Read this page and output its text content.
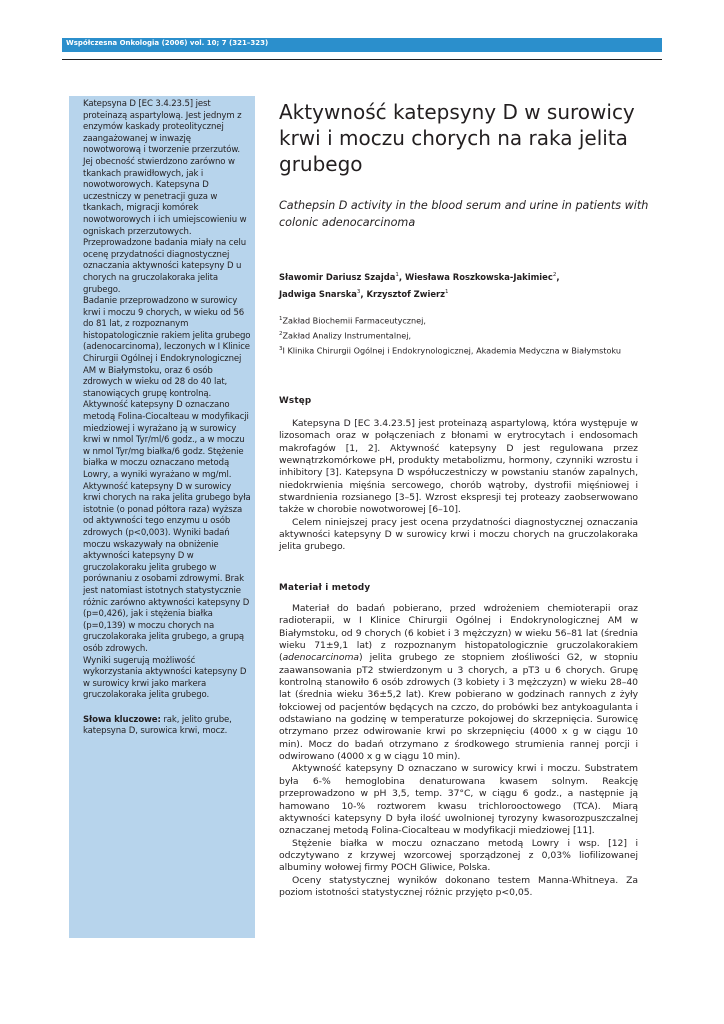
Współczesna Onkologia (2006) vol. 10; 7 (321–323)

Katepsyna D [EC 3.4.23.5] jest proteinazą aspartylową. Jest jednym z enzymów kaskady proteolitycznej zaangażowanej w inwazję nowotworową i tworzenie przerzutów. Jej obecność stwierdzono zarówno w tkankach prawidłowych, jak i nowotworowych. Katepsyna D uczestniczy w penetracji guza w tkankach, migracji komórek nowotworowych i ich umiejscowieniu w ogniskach przerzutowych.

Przeprowadzone badania miały na celu ocenę przydatności diagnostycznej oznaczania aktywności katepsyny D u chorych na gruczolakoraka jelita grubego.

Badanie przeprowadzono w surowicy krwi i moczu 9 chorych, w wieku od 56 do 81 lat, z rozpoznanym histopatologicznie rakiem jelita grubego (adenocarcinoma), leczonych w I Klinice Chirurgii Ogólnej i Endokrynologicznej AM w Białymstoku, oraz 6 osób zdrowych w wieku od 28 do 40 lat, stanowiących grupę kontrolną.

Aktywność katepsyny D oznaczano metodą Folina-Ciocalteau w modyfikacji miedziowej i wyrażano ją w surowicy krwi w nmol Tyr/ml/6 godz., a w moczu w nmol Tyr/mg białka/6 godz. Stężenie białka w moczu oznaczano metodą Lowry, a wyniki wyrażano w mg/ml.

Aktywność katepsyny D w surowicy krwi chorych na raka jelita grubego była istotnie (o ponad półtora raza) wyższa od aktywności tego enzymu u osób zdrowych (p<0,003). Wyniki badań moczu wskazywały na obniżenie aktywności katepsyny D w gruczolakoraku jelita grubego w porównaniu z osobami zdrowymi. Brak jest natomiast istotnych statystycznie różnic zarówno aktywności katepsyny D (p=0,426), jak i stężenia białka (p=0,139) w moczu chorych na gruczolakoraka jelita grubego, a grupą osób zdrowych.

Wyniki sugerują możliwość wykorzystania aktywności katepsyny D w surowicy krwi jako markera gruczolakoraka jelita grubego.

Słowa kluczowe: rak, jelito grube, katepsyna D, surowica krwi, mocz.

Aktywność katepsyny D w surowicy krwi i moczu chorych na raka jelita grubego

Cathepsin D activity in the blood serum and urine in patients with colonic adenocarcinoma

Sławomir Dariusz Szajda$^1$, Wiesława Roszkowska-Jakimiec$^2$,
Jadwiga Snarska$^3$, Krzysztof Zwierz$^1$
$^1$Zakład Biochemii Farmaceutycznej,
$^2$Zakład Analizy Instrumentalnej,
$^3$I Klinika Chirurgii Ogólnej i Endokrynologicznej, Akademia Medyczna w Białymstoku
Wstęp

Katepsyna D [EC 3.4.23.5] jest proteinazą aspartylową, która występuje w lizosomach oraz w połączeniach z błonami w erytrocytach i endosomach makrofagów [1, 2]. Aktywność katepsyny D jest regulowana przez wewnątrzkomórkowe pH, produkty metabolizmu, hormony, czynniki wzrostu i inhibitory [3]. Katepsyna D współuczestniczy w powstaniu stanów zapalnych, niedokrwienia mięśnia sercowego, chorób wątroby, dystrofii mięśniowej i stwardnienia rozsianego [3–5]. Wzrost ekspresji tej proteazy zaobserwowano także w chorobie nowotworowej [6–10].

Celem niniejszej pracy jest ocena przydatności diagnostycznej oznaczania aktywności katepsyny D w surowicy krwi i moczu chorych na gruczolakoraka jelita grubego.

Materiał i metody

Materiał do badań pobierano, przed wdrożeniem chemioterapii oraz radioterapii, w I Klinice Chirurgii Ogólnej i Endokrynologicznej AM w Białymstoku, od 9 chorych (6 kobiet i 3 mężczyzn) w wieku 56–81 lat (średnia wieku 71±9,1 lat) z rozpoznanym histopatologicznie gruczolakorakiem (adenocarcinoma) jelita grubego ze stopniem złośliwości G2, w stopniu zaawansowania pT2 stwierdzonym u 3 chorych, a pT3 u 6 chorych. Grupę kontrolną stanowiło 6 osób zdrowych (3 kobiety i 3 mężczyzn) w wieku 28–40 lat (średnia wieku 36±5,2 lat). Krew pobierano w godzinach rannych z żyły łokciowej od pacjentów będących na czczo, do probówki bez antykoagulanta i odstawiano na godzinę w temperaturze pokojowej do skrzepnięcia. Surowicę otrzymano przez odwirowanie krwi po skrzepnięciu (4000 x g w ciągu 10 min). Mocz do badań otrzymano z środkowego strumienia rannej porcji i odwirowano (4000 x g w ciągu 10 min).

Aktywność katepsyny D oznaczano w surowicy krwi i moczu. Substratem była 6-% hemoglobina denaturowana kwasem solnym. Reakcję przeprowadzono w pH 3,5, temp. 37°C, w ciągu 6 godz., a następnie ją hamowano 10-% roztworem kwasu trichlorooctowego (TCA). Miarą aktywności katepsyny D była ilość uwolnionej tyrozyny kwasorozpuszczalnej oznaczanej metodą Folina-Ciocalteau w modyfikacji miedziowej [11].

Stężenie białka w moczu oznaczano metodą Lowry i wsp. [12] i odczytywano z krzywej wzorcowej sporządzonej z 0,03% liofilizowanej albuminy wołowej firmy POCH Gliwice, Polska.

Oceny statystycznej wyników dokonano testem Manna-Whitneya. Za poziom istotności statystycznej różnic przyjęto p<0,05.
